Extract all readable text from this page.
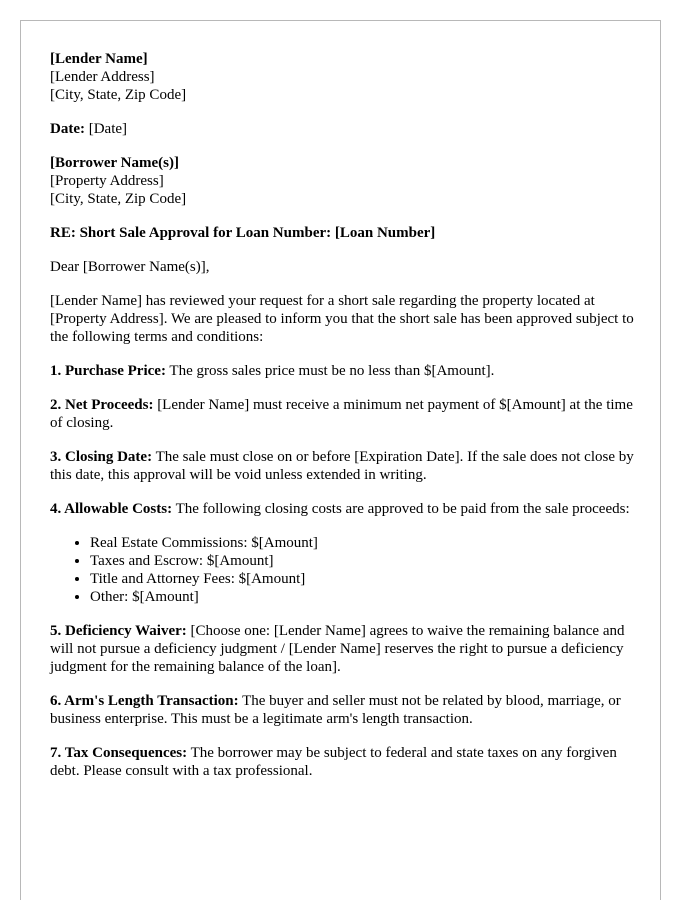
[Lender Name]
[Lender Address]
[City, State, Zip Code]

Date: [Date]

[Borrower Name(s)]
[Property Address]
[City, State, Zip Code]

RE: Short Sale Approval for Loan Number: [Loan Number]

Dear [Borrower Name(s)],

[Lender Name] has reviewed your request for a short sale regarding the property located at [Property Address]. We are pleased to inform you that the short sale has been approved subject to the following terms and conditions:

1. Purchase Price: The gross sales price must be no less than $[Amount].

2. Net Proceeds: [Lender Name] must receive a minimum net payment of $[Amount] at the time of closing.

3. Closing Date: The sale must close on or before [Expiration Date]. If the sale does not close by this date, this approval will be void unless extended in writing.

4. Allowable Costs: The following closing costs are approved to be paid from the sale proceeds:

• Real Estate Commissions: $[Amount]
• Taxes and Escrow: $[Amount]
• Title and Attorney Fees: $[Amount]
• Other: $[Amount]

5. Deficiency Waiver: [Choose one: [Lender Name] agrees to waive the remaining balance and will not pursue a deficiency judgment / [Lender Name] reserves the right to pursue a deficiency judgment for the remaining balance of the loan].

6. Arm's Length Transaction: The buyer and seller must not be related by blood, marriage, or business enterprise. This must be a legitimate arm's length transaction.

7. Tax Consequences: The borrower may be subject to federal and state taxes on any forgiven debt. Please consult with a tax professional.
